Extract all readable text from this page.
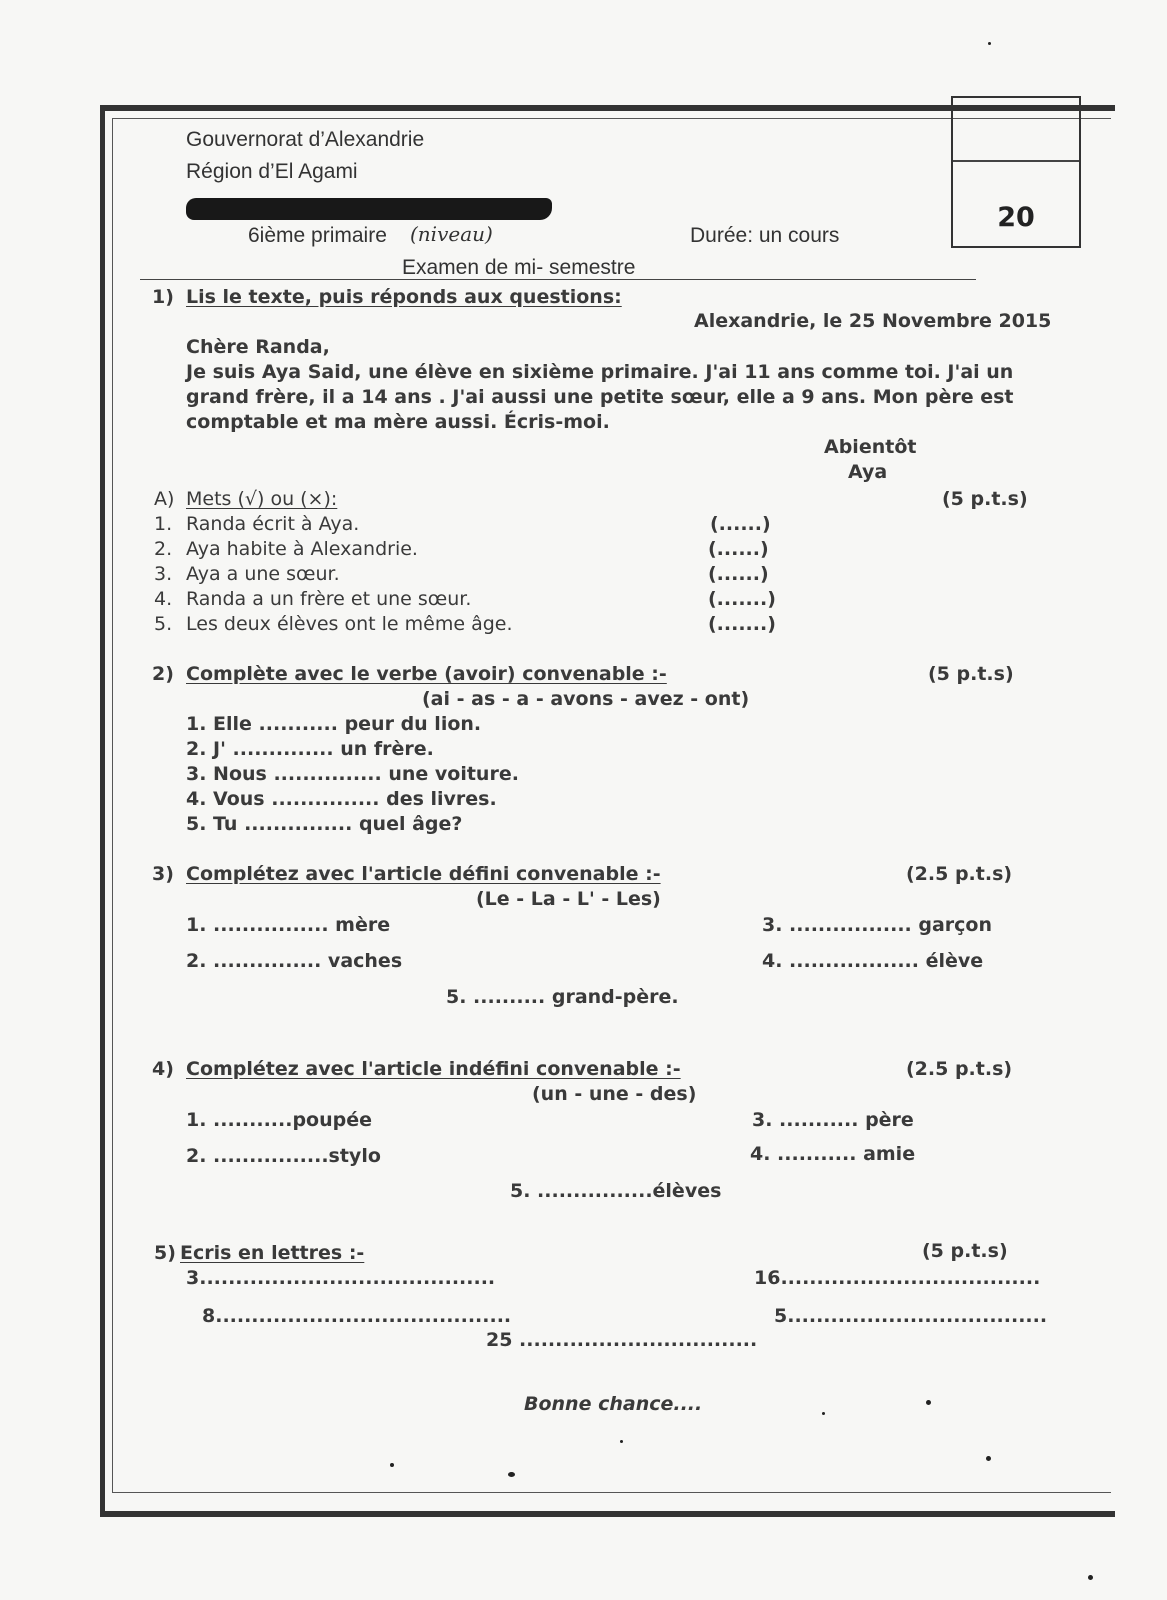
20
Gouvernorat d’Alexandrie
Région d’El Agami
6ième primaire (niveau)	Durée: un cours
Examen de mi- semestre
1) Lis le texte, puis réponds aux questions:
Alexandrie, le 25 Novembre 2015
Chère Randa,
Je suis Aya Said, une élève en sixième primaire. J'ai 11 ans comme toi. J'ai un
grand frère, il a 14 ans . J'ai aussi une petite sœur, elle a 9 ans. Mon père est
comptable et ma mère aussi. Écris-moi.
Abientôt
Aya
A) Mets (√) ou (×):	(5 p.t.s)
1. Randa écrit à Aya.	(......)
2. Aya habite à Alexandrie.	(......)
3. Aya a une sœur.	(......)
4. Randa a un frère et une sœur.	(.......)
5. Les deux élèves ont le même âge.	(.......)
2) Complète avec le verbe (avoir) convenable :-	(5 p.t.s)
(ai - as - a - avons - avez - ont)
1. Elle ........... peur du lion.
2. J' .............. un frère.
3. Nous ............... une voiture.
4. Vous ............... des livres.
5. Tu ............... quel âge?
3) Complétez avec l'article défini convenable :-	(2.5 p.t.s)
(Le - La - L' - Les)
1. ................ mère
2. ............... vaches
3. ................. garçon
4. .................. élève
5. .......... grand-père.
4) Complétez avec l'article indéfini convenable :-	(2.5 p.t.s)
(un - une - des)
1. ...........poupée
2. ................stylo
3. ........... père
4. ........... amie
5. ................élèves
5) Ecris en lettres :-	(5 p.t.s)
3.........................................	16....................................
8.........................................	5....................................
25 .................................
Bonne chance....
